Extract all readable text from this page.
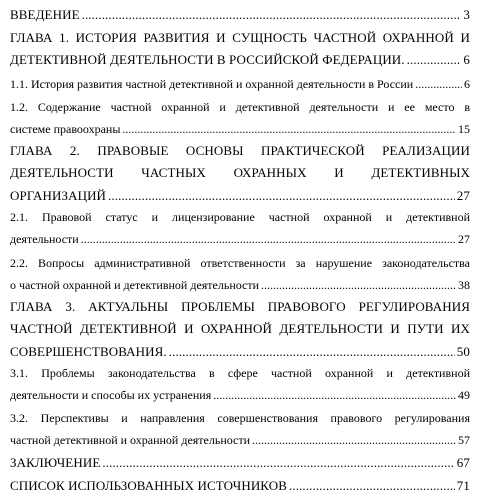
ВВЕДЕНИЕ .....	3
ГЛАВА 1. ИСТОРИЯ РАЗВИТИЯ И СУЩНОСТЬ ЧАСТНОЙ ОХРАННОЙ И
ДЕТЕКТИВНОЙ ДЕЯТЕЛЬНОСТИ В РОССИЙСКОЙ ФЕДЕРАЦИИ. .....	6
1.1. История развития частной детективной и охранной деятельности в России .....	6
1.2. Содержание частной охранной и детективной деятельности и ее место в
системе правоохраны .....	15
ГЛАВА 2. ПРАВОВЫЕ ОСНОВЫ ПРАКТИЧЕСКОЙ РЕАЛИЗАЦИИ
ДЕЯТЕЛЬНОСТИ ЧАСТНЫХ ОХРАННЫХ И ДЕТЕКТИВНЫХ
ОРГАНИЗАЦИЙ .....	27
2.1. Правовой статус и лицензирование частной охранной и детективной
деятельности .....	27
2.2. Вопросы административной ответственности за нарушение законодательства
о частной охранной и детективной деятельности .....	38
ГЛАВА 3. АКТУАЛЬНЫ ПРОБЛЕМЫ ПРАВОВОГО РЕГУЛИРОВАНИЯ
ЧАСТНОЙ ДЕТЕКТИВНОЙ И ОХРАННОЙ ДЕЯТЕЛЬНОСТИ И ПУТИ ИХ
СОВЕРШЕНСТВОВАНИЯ. .....	50
3.1. Проблемы законодательства в сфере частной охранной и детективной
деятельности и способы их устранения .....	49
3.2. Перспективы и направления совершенствования правового регулирования
частной детективной и охранной деятельности .....	57
ЗАКЛЮЧЕНИЕ .....	67
СПИСОК ИСПОЛЬЗОВАННЫХ ИСТОЧНИКОВ .....	71
